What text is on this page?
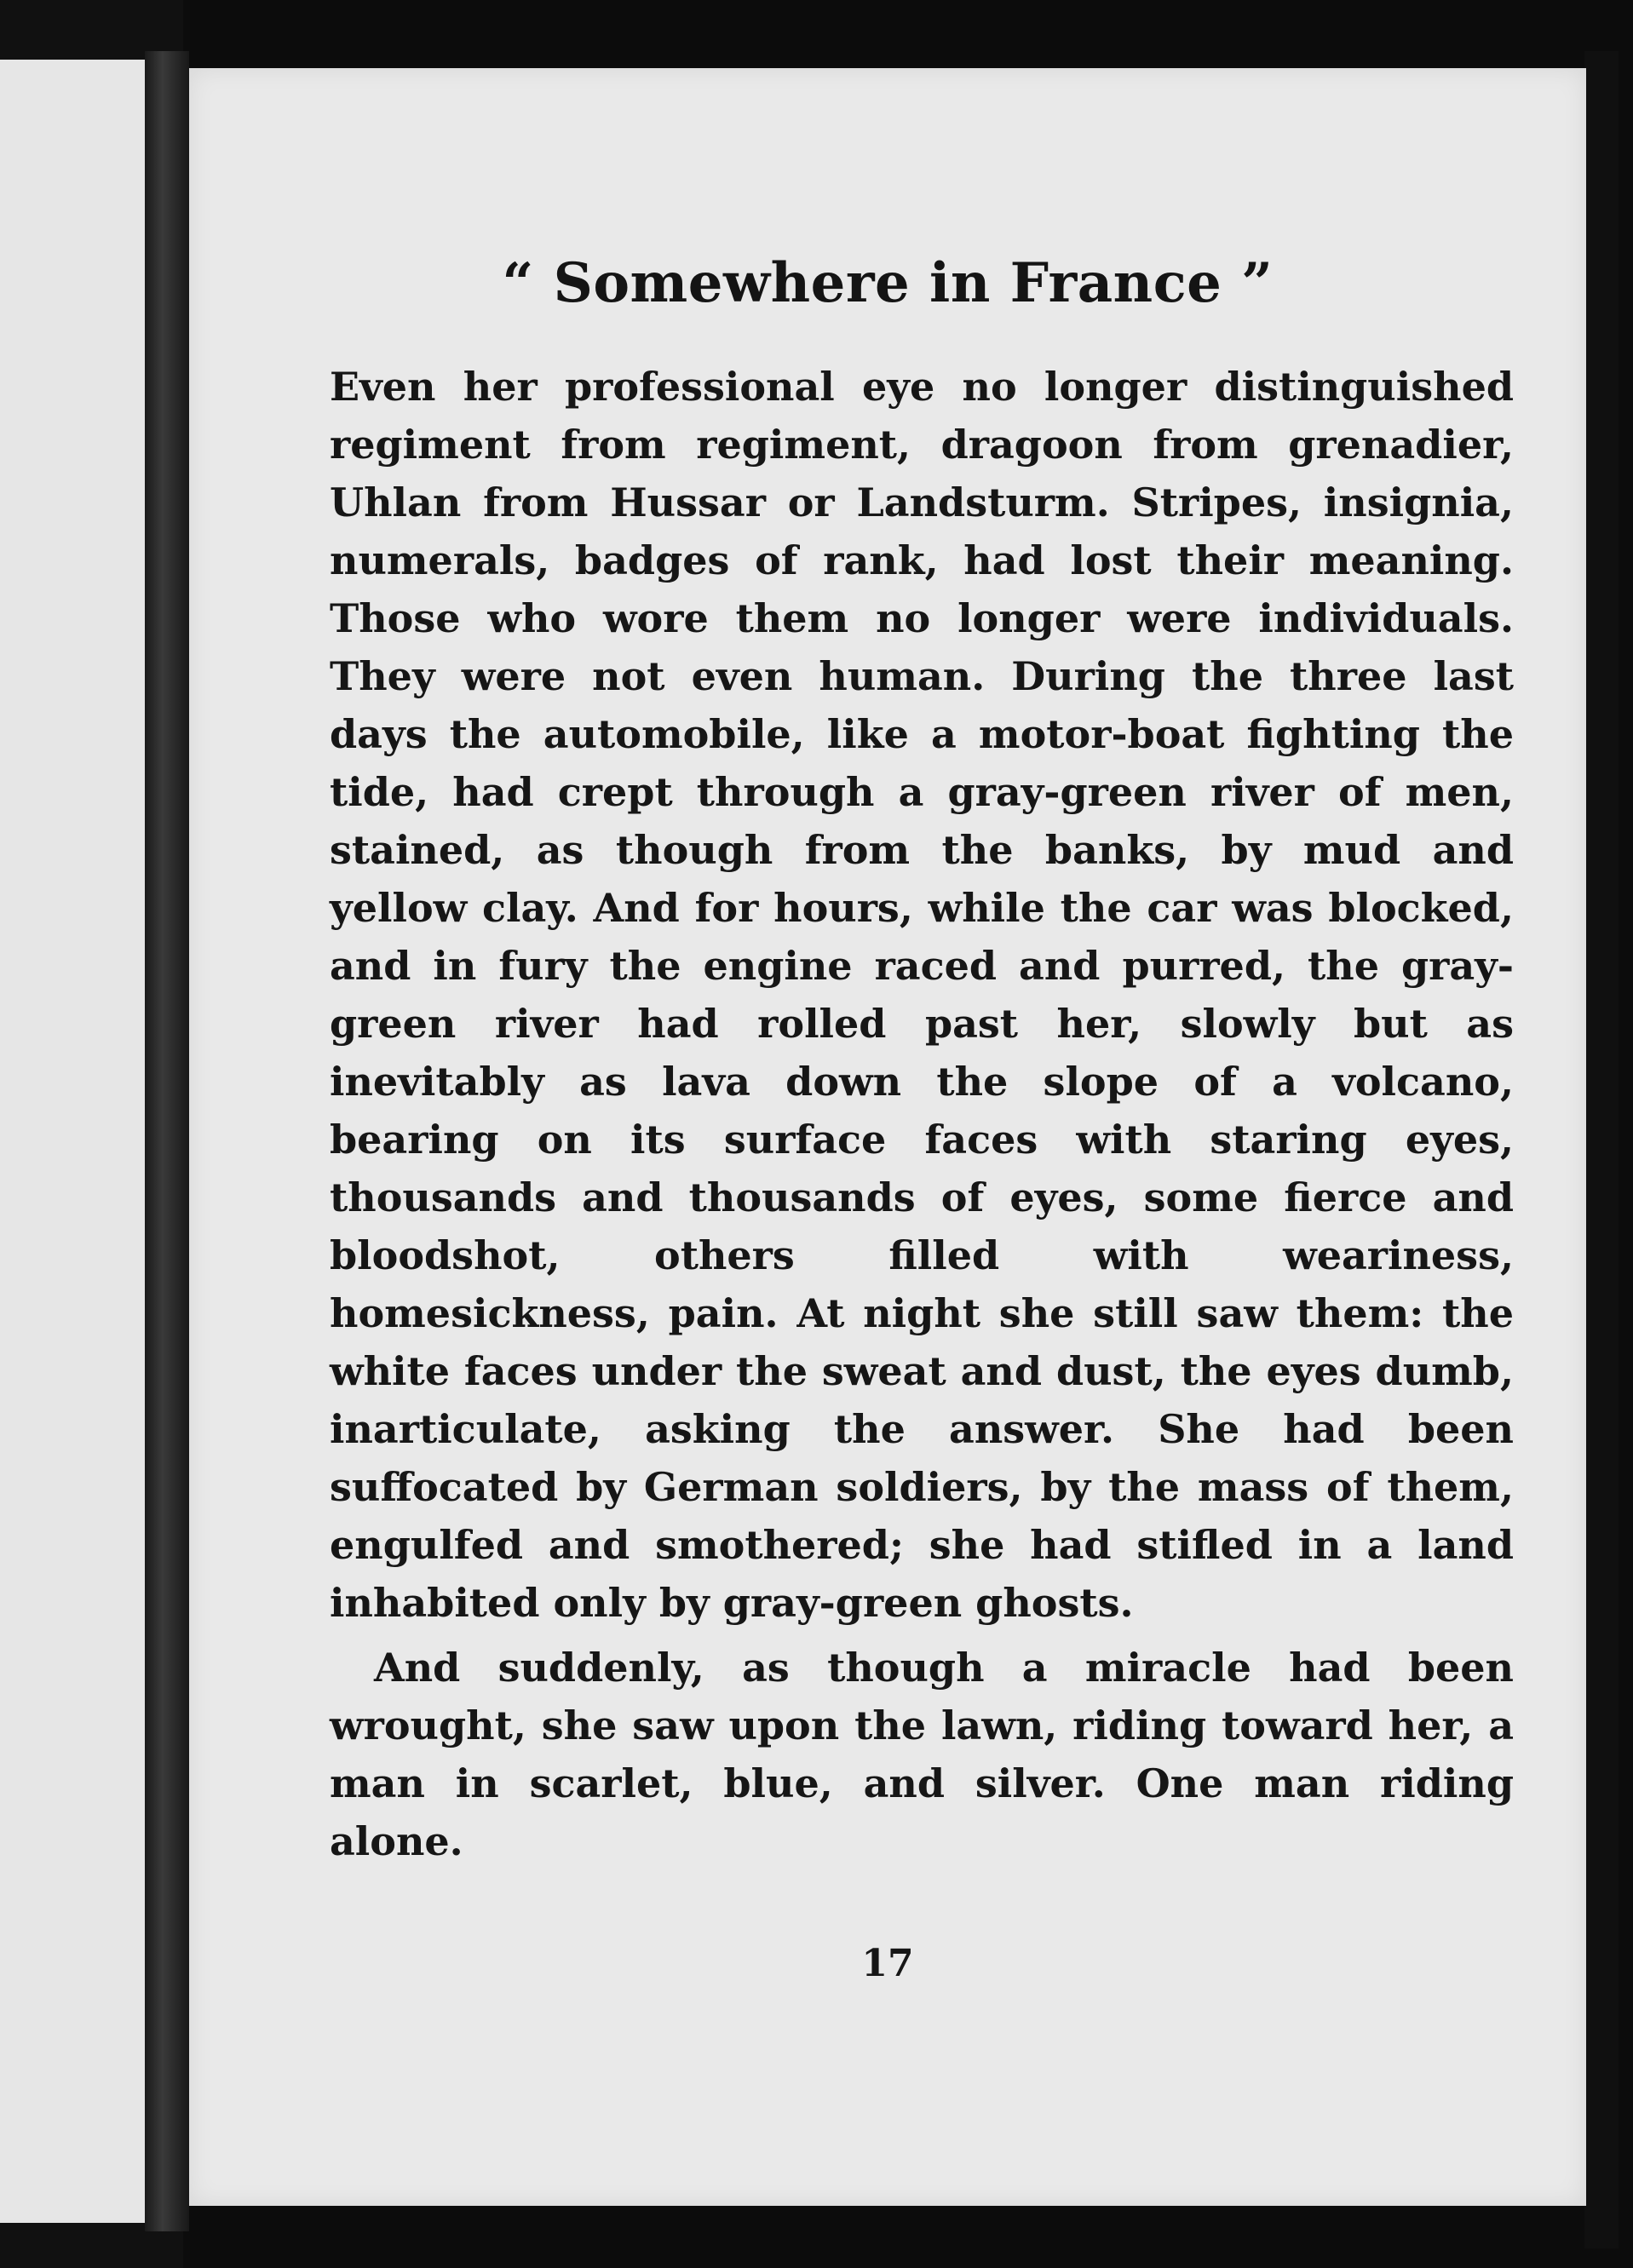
“ Somewhere in France ”

Even her professional eye no longer distinguished regiment from regiment, dragoon from grenadier, Uhlan from Hussar or Landsturm. Stripes, insignia, numerals, badges of rank, had lost their meaning. Those who wore them no longer were individuals. They were not even human. During the three last days the automobile, like a motor-boat fighting the tide, had crept through a gray-green river of men, stained, as though from the banks, by mud and yellow clay. And for hours, while the car was blocked, and in fury the engine raced and purred, the gray-green river had rolled past her, slowly but as inevitably as lava down the slope of a volcano, bearing on its surface faces with staring eyes, thousands and thousands of eyes, some fierce and bloodshot, others filled with weariness, homesickness, pain. At night she still saw them: the white faces under the sweat and dust, the eyes dumb, inarticulate, asking the answer. She had been suffocated by German soldiers, by the mass of them, engulfed and smothered; she had stifled in a land inhabited only by gray-green ghosts.

And suddenly, as though a miracle had been wrought, she saw upon the lawn, riding toward her, a man in scarlet, blue, and silver. One man riding alone.

17
